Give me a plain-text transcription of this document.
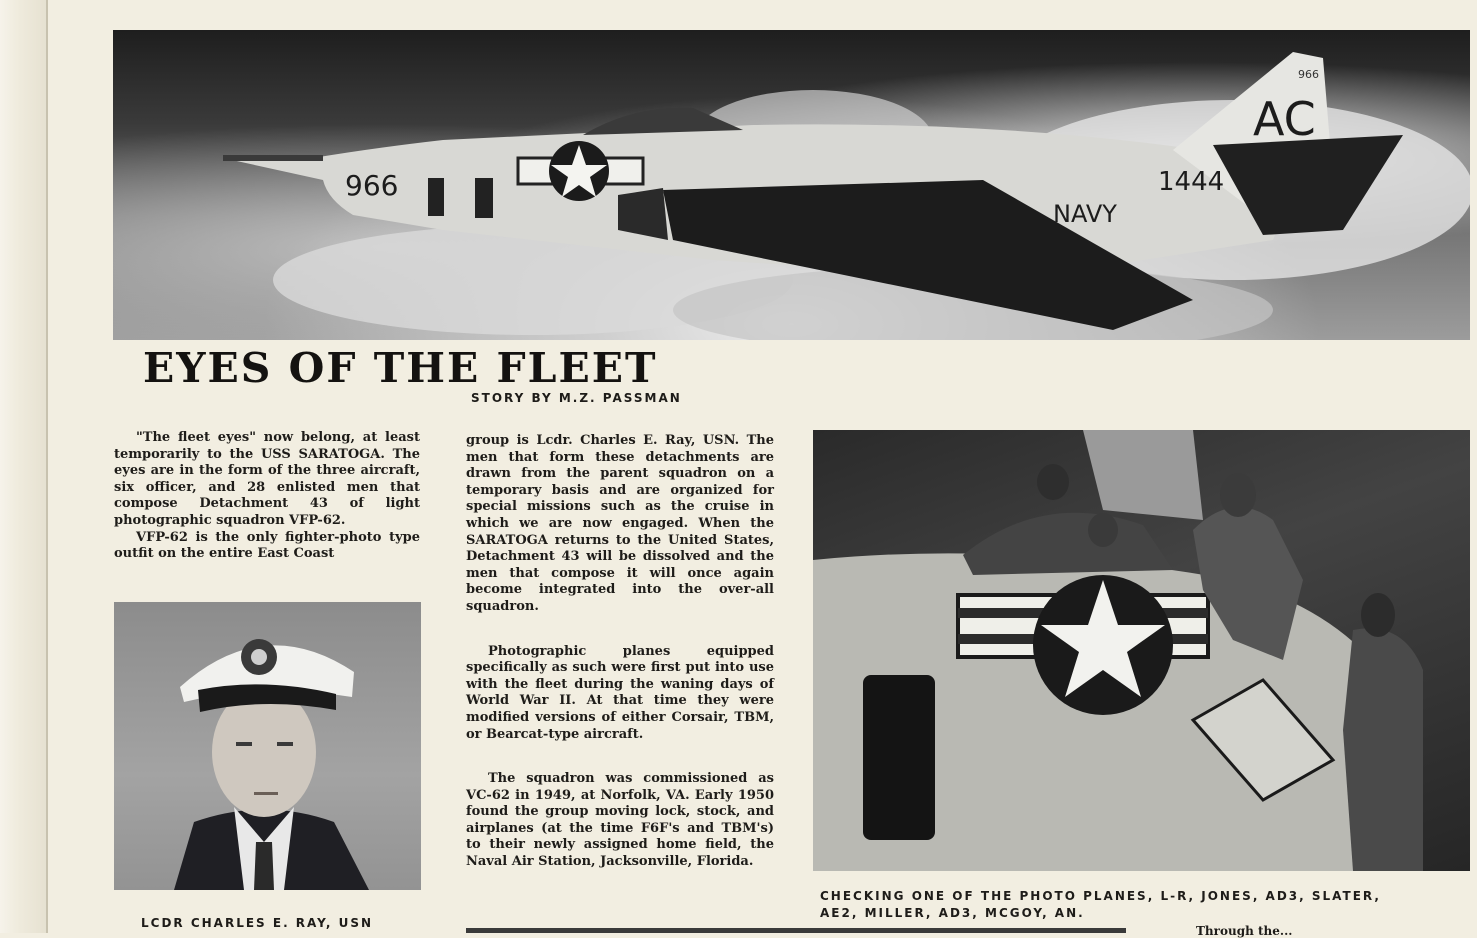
966
AC
966
1444
NAVY
EYES OF THE FLEET
STORY BY M.Z. PASSMAN

"The fleet eyes" now belong, at least temporarily to the USS SARATOGA. The eyes are in the form of the three aircraft, six officer, and 28 enlisted men that compose Detachment 43 of light photographic squadron VFP-62.

VFP-62 is the only fighter-photo type outfit on the entire East Coast

LCDR CHARLES E. RAY, USN

group is Lcdr. Charles E. Ray, USN. The men that form these detachments are drawn from the parent squadron on a temporary basis and are organized for special missions such as the cruise in which we are now engaged. When the SARATOGA returns to the United States, Detachment 43 will be dissolved and the men that compose it will once again become integrated into the over-all squadron.

Photographic planes equipped specifically as such were first put into use with the fleet during the waning days of World War II. At that time they were modified versions of either Corsair, TBM, or Bearcat-type aircraft.

The squadron was commissioned as VC-62 in 1949, at Norfolk, VA. Early 1950 found the group moving lock, stock, and airplanes (at the time F6F's and TBM's) to their newly assigned home field, the Naval Air Station, Jacksonville, Florida.

CHECKING ONE OF THE PHOTO PLANES, L-R, JONES, AD3, SLATER,
AE2, MILLER, AD3, MCGOY, AN.
Through the...
